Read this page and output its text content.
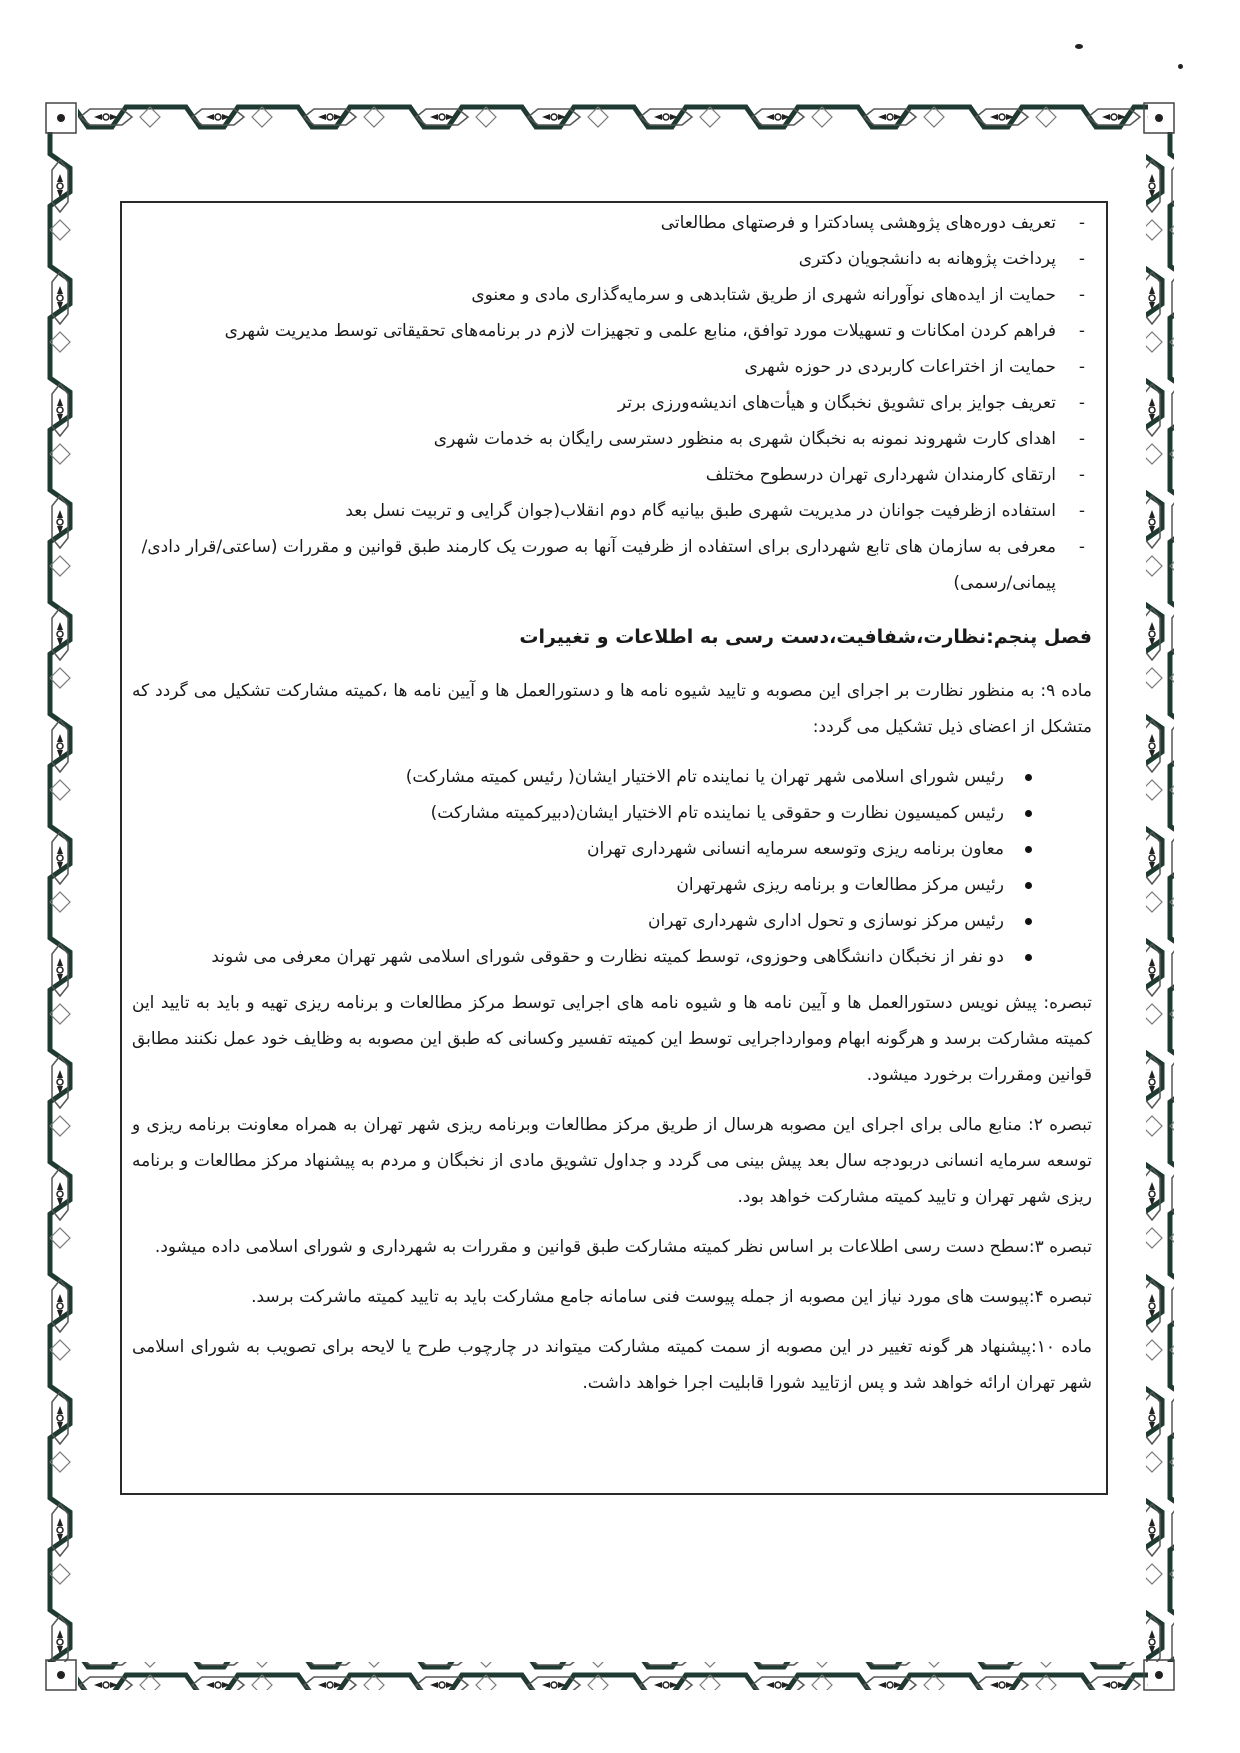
-
تعریف دوره‌های پژوهشی پسادکترا و فرصتهای مطالعاتی
-
پرداخت پژوهانه به دانشجویان دکتری
-
حمایت از ایده‌های نوآورانه شهری از طریق شتابدهی و سرمایه‌گذاری مادی و معنوی
-
فراهم کردن امکانات و تسهیلات مورد توافق، منابع علمی و تجهیزات لازم در برنامه‌های تحقیقاتی توسط مدیریت شهری
-
حمایت از اختراعات کاربردی در حوزه شهری
-
تعریف جوایز برای تشویق نخبگان و هیأت‌های اندیشه‌ورزی برتر
-
اهدای کارت شهروند نمونه به نخبگان شهری به منظور دسترسی رایگان به خدمات شهری
-
ارتقای کارمندان شهرداری تهران درسطوح مختلف
-
استفاده ازظرفیت جوانان در مدیریت شهری طبق بیانیه گام دوم انقلاب(جوان گرایی و تربیت نسل بعد
-
معرفی به سازمان های تابع شهرداری برای استفاده از ظرفیت آنها به صورت یک کارمند طبق قوانین و مقررات (ساعتی/قرار دادی/پیمانی/رسمی)
فصل پنجم:نظارت،شفافیت،دست رسی به اطلاعات و تغییرات

ماده ۹: به منظور نظارت بر اجرای این مصوبه و تایید شیوه نامه ها و دستورالعمل ها و آیین نامه ها ،کمیته مشارکت تشکیل می گردد که متشکل از اعضای ذیل تشکیل می گردد:

رئیس شورای اسلامی شهر تهران یا نماینده تام الاختیار ایشان( رئیس کمیته مشارکت)
رئیس کمیسیون نظارت و حقوقی یا نماینده تام الاختیار ایشان(دبیرکمیته مشارکت)
معاون برنامه ریزی وتوسعه سرمایه انسانی شهرداری تهران
رئیس مرکز مطالعات و برنامه ریزی شهرتهران
رئیس مرکز نوسازی و تحول اداری شهرداری تهران
دو نفر از نخبگان دانشگاهی وحوزوی، توسط کمیته نظارت و حقوقی شورای اسلامی شهر تهران معرفی می شوند

تبصره: پیش نویس دستورالعمل ها و آیین نامه ها و شیوه نامه های اجرایی توسط مرکز مطالعات و برنامه ریزی تهیه و باید به تایید این کمیته مشارکت برسد و هرگونه ابهام وموارداجرایی توسط این کمیته تفسیر وکسانی که طبق این مصوبه به وظایف خود عمل نکنند مطابق قوانین ومقررات برخورد میشود.

تبصره ۲: منابع مالی برای اجرای این مصوبه هرسال از طریق مرکز مطالعات وبرنامه ریزی شهر تهران به همراه معاونت برنامه ریزی و توسعه سرمایه انسانی دربودجه سال بعد پیش بینی می گردد و جداول تشویق مادی از نخبگان و مردم به پیشنهاد مرکز مطالعات و برنامه ریزی شهر تهران و تایید کمیته مشارکت خواهد بود.

تبصره ۳:سطح دست رسی اطلاعات بر اساس نظر کمیته مشارکت طبق قوانین و مقررات به شهرداری و شورای اسلامی داده میشود.

تبصره ۴:پیوست های مورد نیاز این مصوبه از جمله پیوست فنی سامانه جامع مشارکت باید به تایید کمیته ماشرکت برسد.

ماده ۱۰:پیشنهاد هر گونه تغییر در این مصوبه از سمت کمیته مشارکت میتواند در چارچوب طرح یا لایحه برای تصویب به شورای اسلامی شهر تهران ارائه خواهد شد و پس ازتایید شورا قابلیت اجرا خواهد داشت.
